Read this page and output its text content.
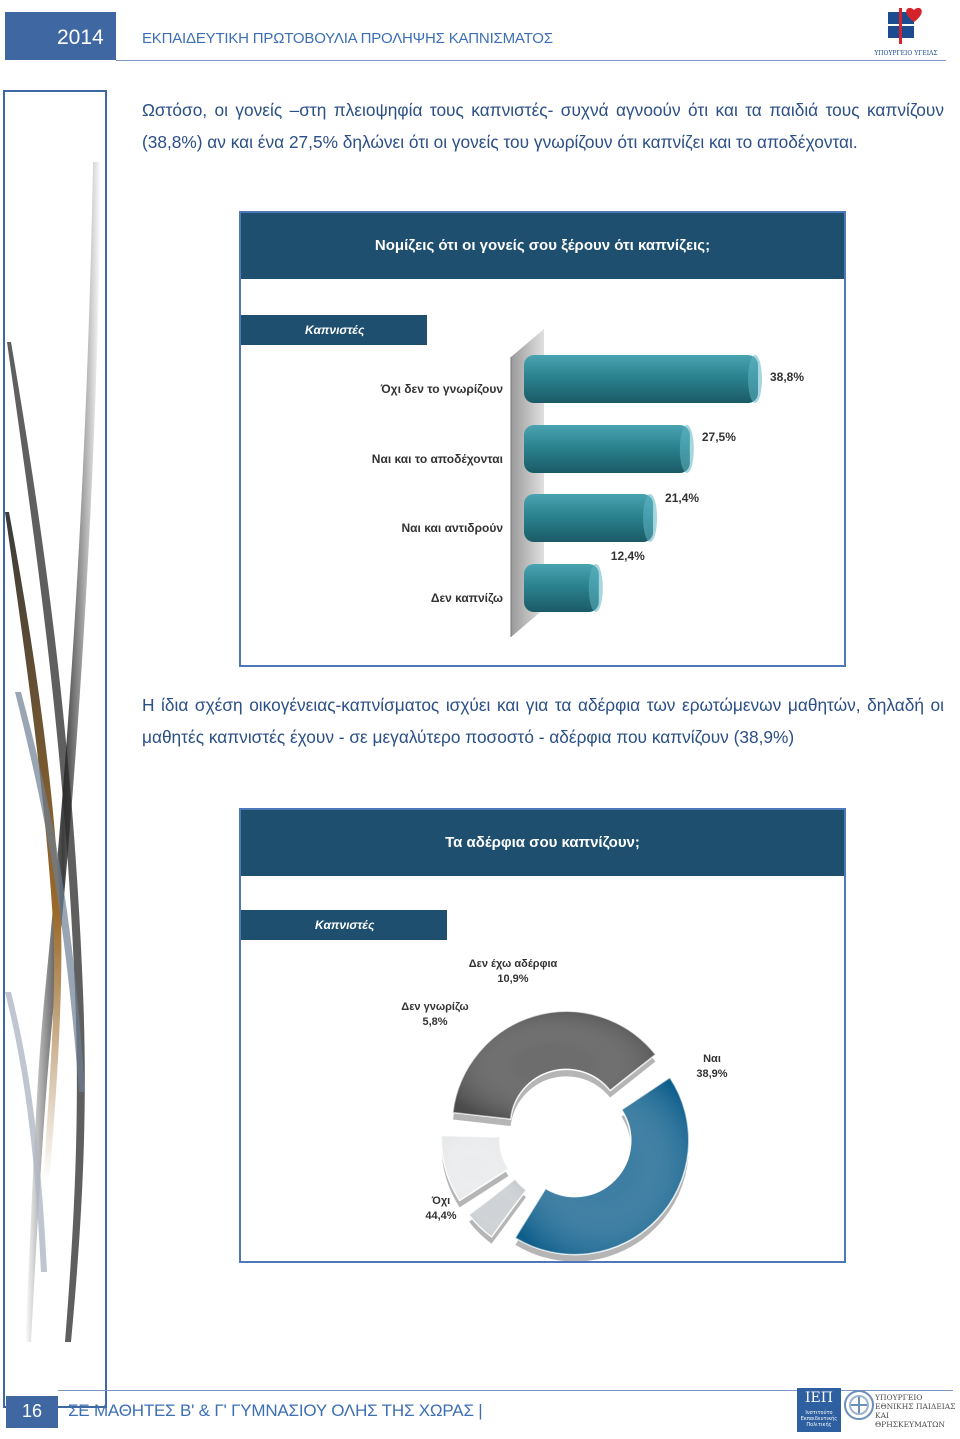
2014	ΕΚΠΑΙΔΕΥΤΙΚΗ ΠΡΩΤΟΒΟΥΛΙΑ ΠΡΟΛΗΨΗΣ ΚΑΠΝΙΣΜΑΤΟΣ
ΥΠΟΥΡΓΕΙΟ ΥΓΕΙΑΣ
Ωστόσο, οι γονείς –στη πλειοψηφία τους καπνιστές- συχνά αγνοούν ότι και τα παιδιά τους καπνίζουν (38,8%) αν και ένα 27,5% δηλώνει ότι οι γονείς του γνωρίζουν ότι καπνίζει και το αποδέχονται.
Νομίζεις ότι οι γονείς σου ξέρουν ότι καπνίζεις;
Καπνιστές
38,8%
Όχι δεν το γνωρίζουν
27,5%
Ναι και το αποδέχονται
21,4%
Ναι και αντιδρούν
12,4%
Δεν καπνίζω
Η ίδια σχέση οικογένειας-καπνίσματος ισχύει και για τα αδέρφια των ερωτώμενων μαθητών, δηλαδή οι μαθητές καπνιστές έχουν - σε μεγαλύτερο ποσοστό - αδέρφια που καπνίζουν (38,9%)
Τα αδέρφια σου καπνίζουν;
Καπνιστές
Ναι
38,9%
Όχι
44,4%
Δεν γνωρίζω
5,8%
Δεν έχω αδέρφια
10,9%
16	ΣΕ ΜΑΘΗΤΕΣ Β' & Γ' ΓΥΜΝΑΣΙΟΥ ΟΛΗΣ ΤΗΣ ΧΩΡΑΣ |
ΙΕΠ
Ινστιτούτο Εκπαιδευτικής Πολιτικής
ΥΠΟΥΡΓΕΙΟ
ΕΘΝΙΚΗΣ ΠΑΙΔΕΙΑΣ
ΚΑΙ ΘΡΗΣΚΕΥΜΑΤΩΝ
